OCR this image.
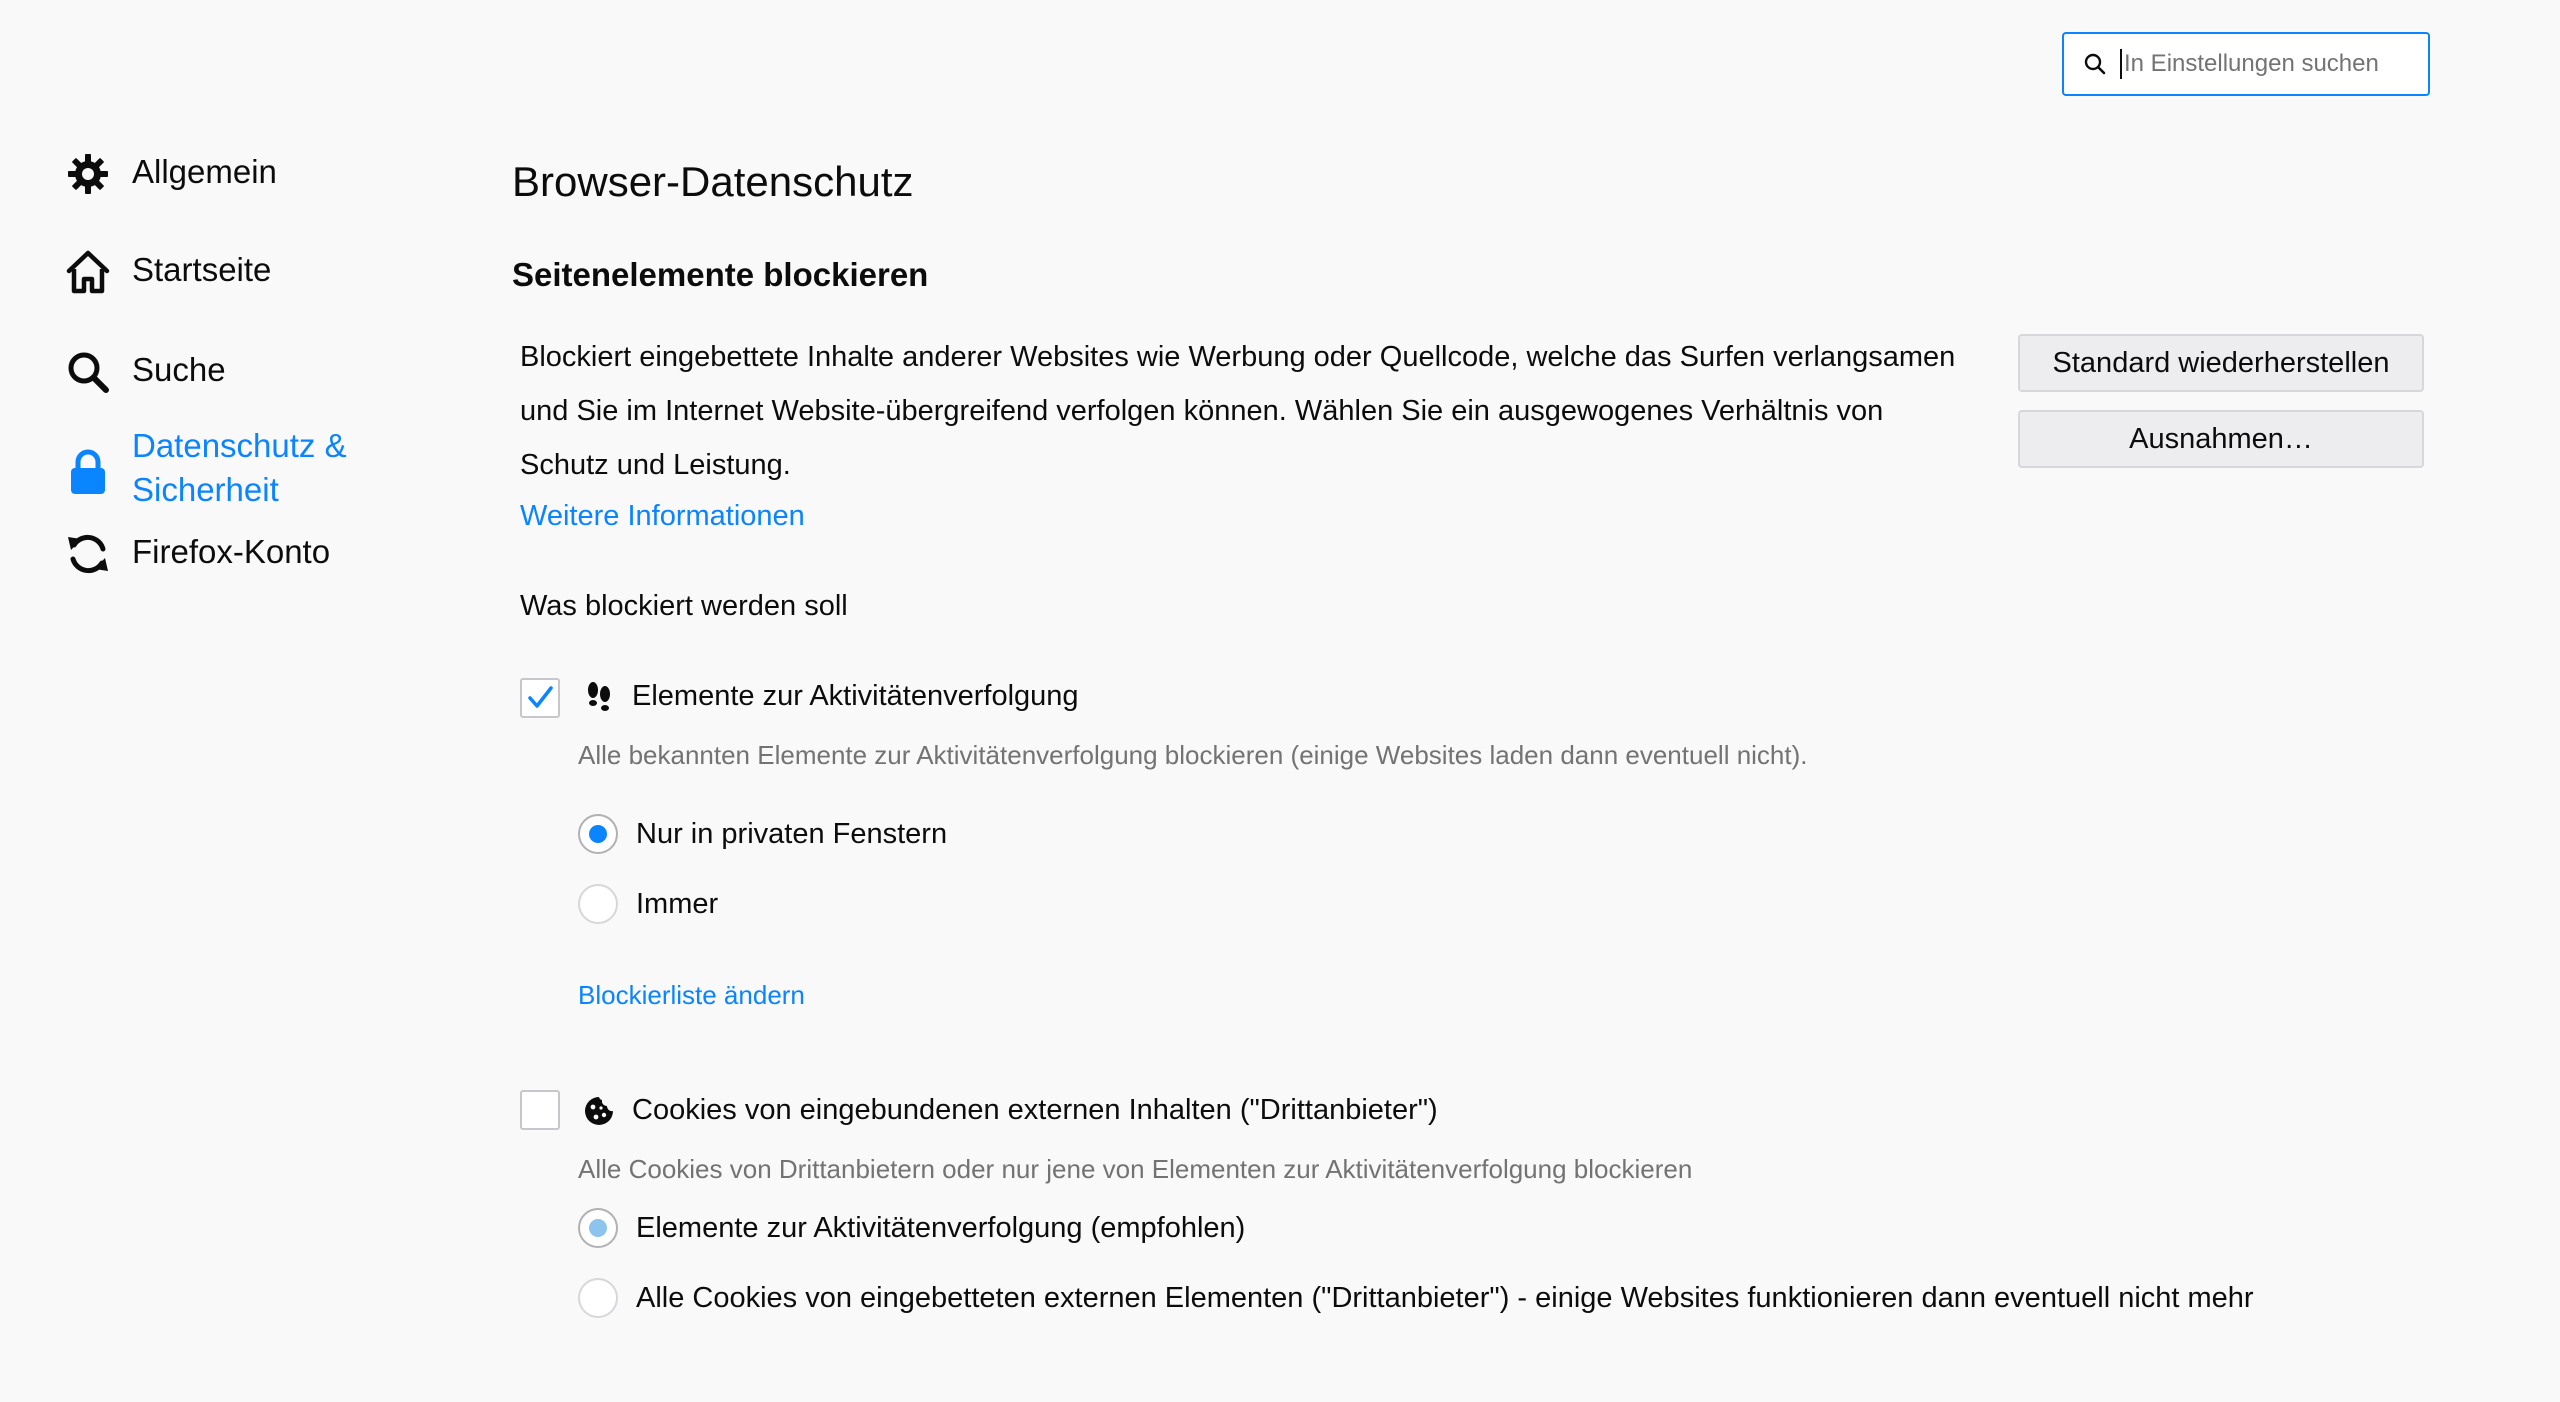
In Einstellungen suchen
Allgemein
Startseite
Suche
Datenschutz & Sicherheit
Firefox-Konto
Browser-Datenschutz
Seitenelemente blockieren

Blockiert eingebettete Inhalte anderer Websites wie Werbung oder Quellcode, welche das Surfen verlangsamen und Sie im Internet Website-übergreifend verfolgen können. Wählen Sie ein ausgewogenes Verhältnis von Schutz und Leistung.

Weitere Informationen
Standard wiederherstellen
Ausnahmen…
Was blockiert werden soll
Elemente zur Aktivitätenverfolgung
Alle bekannten Elemente zur Aktivitätenverfolgung blockieren (einige Websites laden dann eventuell nicht).
Nur in privaten Fenstern
Immer
Blockierliste ändern
Cookies von eingebundenen externen Inhalten ("Drittanbieter")
Alle Cookies von Drittanbietern oder nur jene von Elementen zur Aktivitätenverfolgung blockieren
Elemente zur Aktivitätenverfolgung (empfohlen)
Alle Cookies von eingebetteten externen Elementen ("Drittanbieter") - einige Websites funktionieren dann eventuell nicht mehr
